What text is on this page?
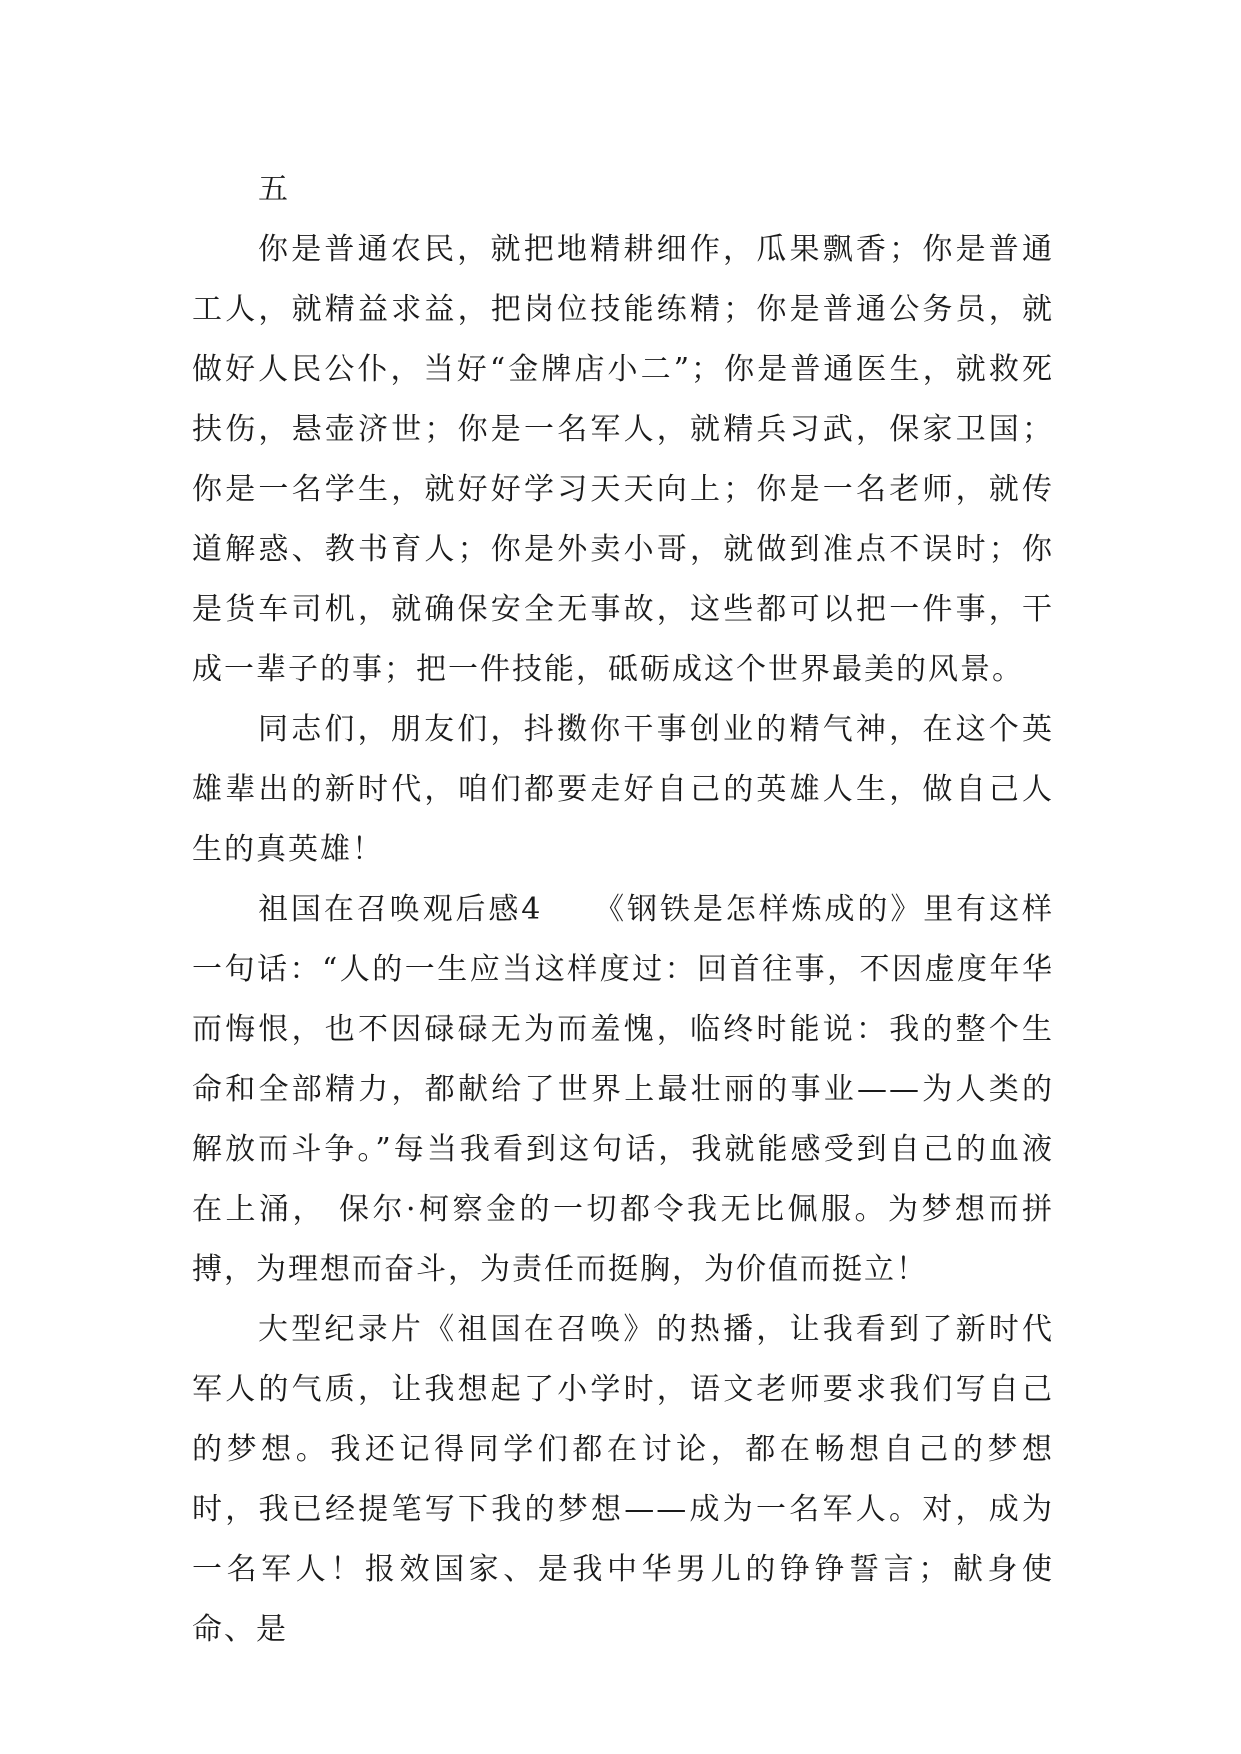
五

你是普通农民，就把地精耕细作，瓜果飘香；你是普通工人，就精益求益，把岗位技能练精；你是普通公务员，就做好人民公仆，当好“金牌店小二”；你是普通医生，就救死扶伤，悬壶济世；你是一名军人，就精兵习武，保家卫国；你是一名学生，就好好学习天天向上；你是一名老师，就传道解惑、教书育人；你是外卖小哥，就做到准点不误时；你是货车司机，就确保安全无事故，这些都可以把一件事，干成一辈子的事；把一件技能，砥砺成这个世界最美的风景。

同志们，朋友们，抖擞你干事创业的精气神，在这个英雄辈出的新时代，咱们都要走好自己的英雄人生，做自己人生的真英雄！

祖国在召唤观后感4　　《钢铁是怎样炼成的》里有这样一句话：“人的一生应当这样度过：回首往事，不因虚度年华而悔恨，也不因碌碌无为而羞愧，临终时能说：我的整个生命和全部精力，都献给了世界上最壮丽的事业——为人类的解放而斗争。”每当我看到这句话，我就能感受到自己的血液在上涌， 保尔·柯察金的一切都令我无比佩服。为梦想而拼搏，为理想而奋斗，为责任而挺胸，为价值而挺立！

大型纪录片《祖国在召唤》的热播，让我看到了新时代军人的气质，让我想起了小学时，语文老师要求我们写自己的梦想。我还记得同学们都在讨论，都在畅想自己的梦想时，我已经提笔写下我的梦想——成为一名军人。对，成为一名军人！报效国家、是我中华男儿的铮铮誓言；献身使命、是
